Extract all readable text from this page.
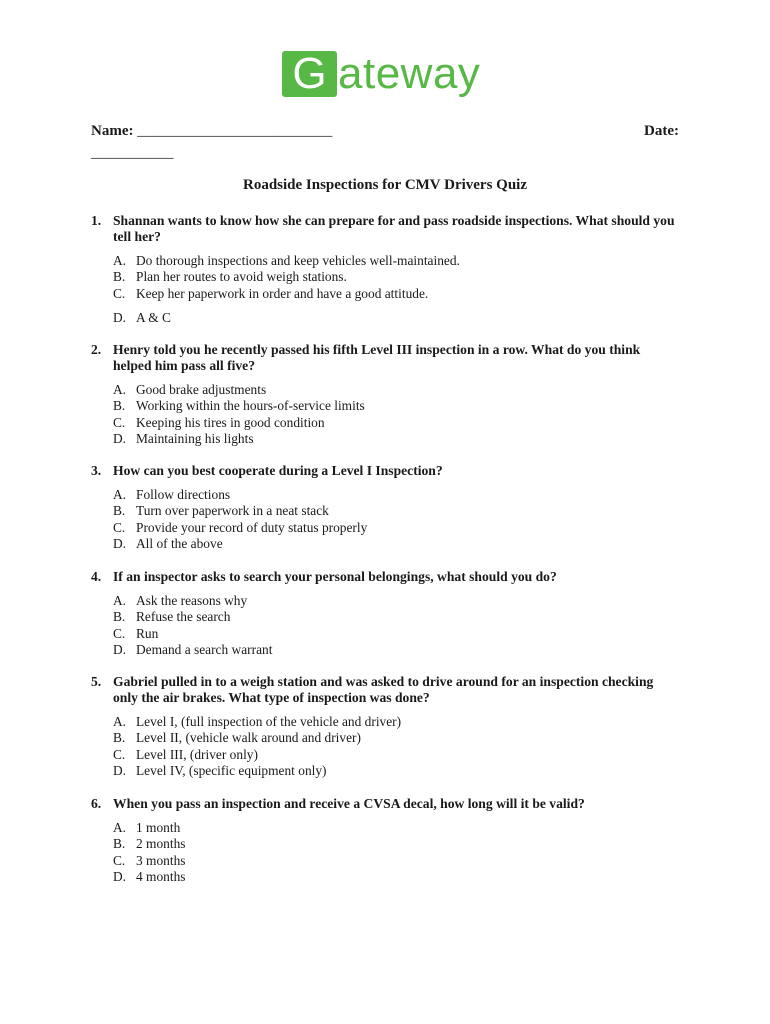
G ateway
Name: __________________________	Date:
___________
Roadside Inspections for CMV Drivers Quiz
1. Shannan wants to know how she can prepare for and pass roadside inspections. What should you tell her?
A. Do thorough inspections and keep vehicles well-maintained.
B. Plan her routes to avoid weigh stations.
C. Keep her paperwork in order and have a good attitude.
D. A & C
2. Henry told you he recently passed his fifth Level III inspection in a row. What do you think helped him pass all five?
A. Good brake adjustments
B. Working within the hours-of-service limits
C. Keeping his tires in good condition
D. Maintaining his lights
3. How can you best cooperate during a Level I Inspection?
A. Follow directions
B. Turn over paperwork in a neat stack
C. Provide your record of duty status properly
D. All of the above
4. If an inspector asks to search your personal belongings, what should you do?
A. Ask the reasons why
B. Refuse the search
C. Run
D. Demand a search warrant
5. Gabriel pulled in to a weigh station and was asked to drive around for an inspection checking only the air brakes. What type of inspection was done?
A. Level I, (full inspection of the vehicle and driver)
B. Level II, (vehicle walk around and driver)
C. Level III, (driver only)
D. Level IV, (specific equipment only)
6. When you pass an inspection and receive a CVSA decal, how long will it be valid?
A. 1 month
B. 2 months
C. 3 months
D. 4 months
